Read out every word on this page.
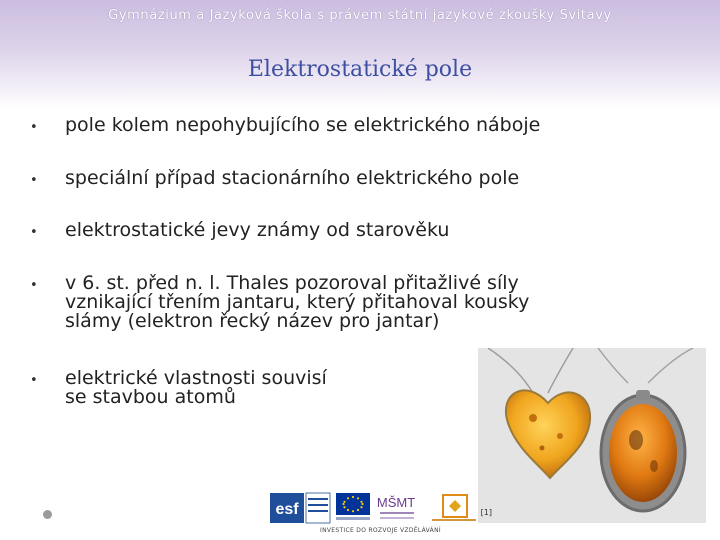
Gymnázium a Jazyková škola s právem státní jazykové zkoušky Svitavy
Elektrostatické pole
•	pole kolem nepohybujícího se elektrického náboje
•	speciální případ stacionárního elektrického pole
•	elektrostatické jevy známy od starověku
•	v 6. st. před n. l. Thales pozoroval přitažlivé síly
vznikající třením jantaru, který přitahoval kousky
slámy (elektron řecký název pro jantar)
•	elektrické vlastnosti souvisí
se stavbou atomů
[1]
esf	MŠMT
INVESTICE DO ROZVOJE VZDĚLÁVÁNÍ
